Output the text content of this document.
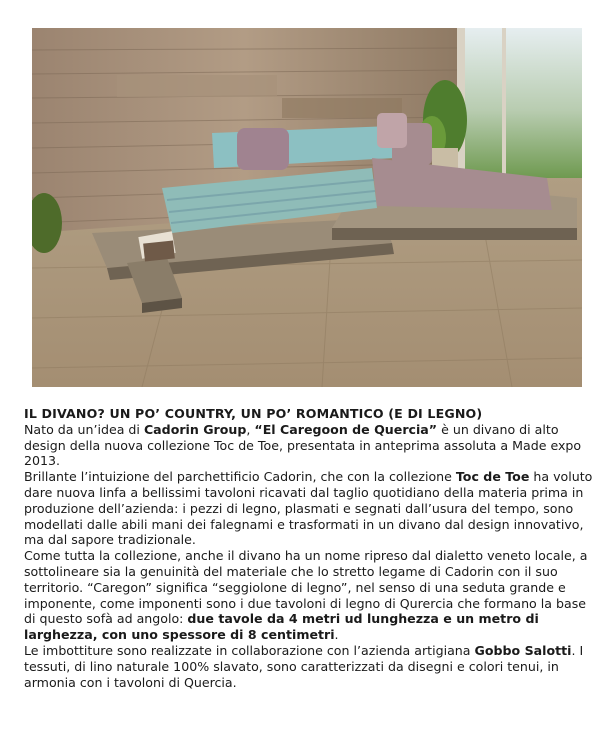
IL DIVANO? UN PO’ COUNTRY, UN PO’ ROMANTICO (E DI LEGNO)

Nato da un’idea di Cadorin Group, “El Caregoon de Quercia” è un divano di alto design della nuova collezione Toc de Toe, presentata in anteprima assoluta a Made expo 2013.

Brillante l’intuizione del parchettificio Cadorin, che con la collezione Toc de Toe ha voluto dare nuova linfa a bellissimi tavoloni ricavati dal taglio quotidiano della materia prima in produzione dell’azienda: i pezzi di legno, plasmati e segnati dall’usura del tempo, sono modellati dalle abili mani dei falegnami e trasformati in un divano dal design innovativo, ma dal sapore tradizionale.

Come tutta la collezione, anche il divano ha un nome ripreso dal dialetto veneto locale, a sottolineare sia la genuinità del materiale che lo stretto legame di Cadorin con il suo territorio. “Caregon” significa “seggiolone di legno”, nel senso di una seduta grande e imponente, come imponenti sono i due tavoloni di legno di Qurercia che formano la base di questo sofà ad angolo: due tavole da 4 metri ud lunghezza e un metro di larghezza, con uno spessore di 8 centimetri.

Le imbottiture sono realizzate in collaborazione con l’azienda artigiana Gobbo Salotti. I tessuti, di lino naturale 100% slavato, sono caratterizzati da disegni e colori tenui, in armonia con i tavoloni di Quercia.
